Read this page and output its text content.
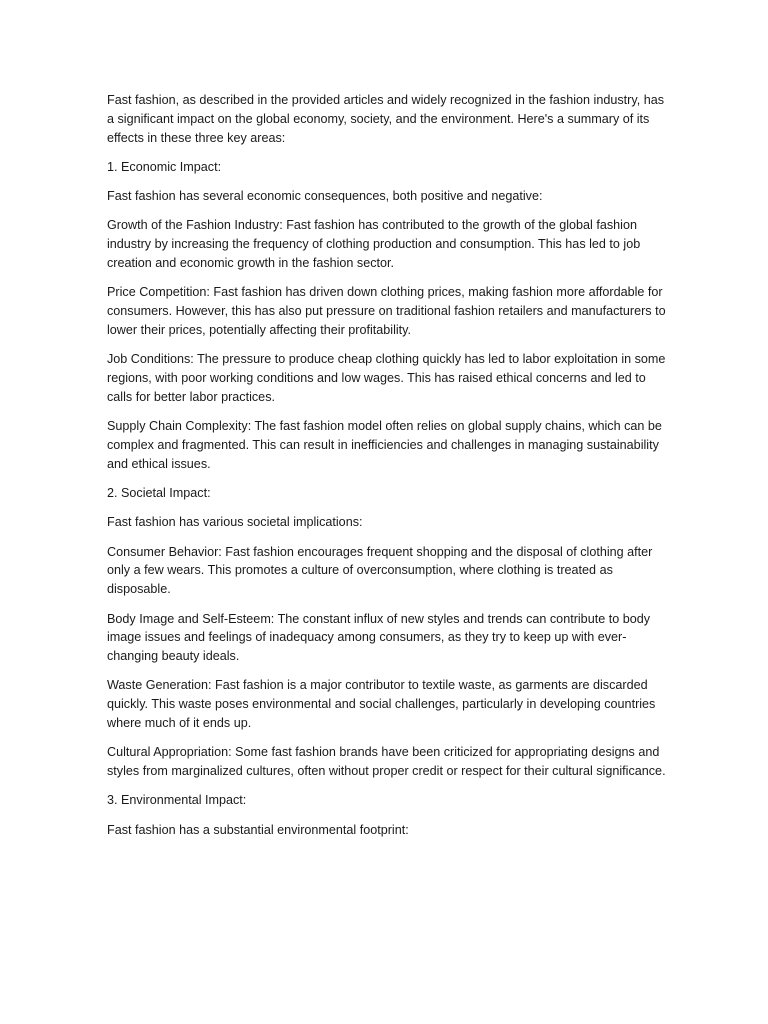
Fast fashion, as described in the provided articles and widely recognized in the fashion industry, has a significant impact on the global economy, society, and the environment. Here's a summary of its effects in these three key areas:

1. Economic Impact:

Fast fashion has several economic consequences, both positive and negative:

Growth of the Fashion Industry: Fast fashion has contributed to the growth of the global fashion industry by increasing the frequency of clothing production and consumption. This has led to job creation and economic growth in the fashion sector.

Price Competition: Fast fashion has driven down clothing prices, making fashion more affordable for consumers. However, this has also put pressure on traditional fashion retailers and manufacturers to lower their prices, potentially affecting their profitability.

Job Conditions: The pressure to produce cheap clothing quickly has led to labor exploitation in some regions, with poor working conditions and low wages. This has raised ethical concerns and led to calls for better labor practices.

Supply Chain Complexity: The fast fashion model often relies on global supply chains, which can be complex and fragmented. This can result in inefficiencies and challenges in managing sustainability and ethical issues.

2. Societal Impact:

Fast fashion has various societal implications:

Consumer Behavior: Fast fashion encourages frequent shopping and the disposal of clothing after only a few wears. This promotes a culture of overconsumption, where clothing is treated as disposable.

Body Image and Self-Esteem: The constant influx of new styles and trends can contribute to body image issues and feelings of inadequacy among consumers, as they try to keep up with ever-changing beauty ideals.

Waste Generation: Fast fashion is a major contributor to textile waste, as garments are discarded quickly. This waste poses environmental and social challenges, particularly in developing countries where much of it ends up.

Cultural Appropriation: Some fast fashion brands have been criticized for appropriating designs and styles from marginalized cultures, often without proper credit or respect for their cultural significance.

3. Environmental Impact:

Fast fashion has a substantial environmental footprint:
